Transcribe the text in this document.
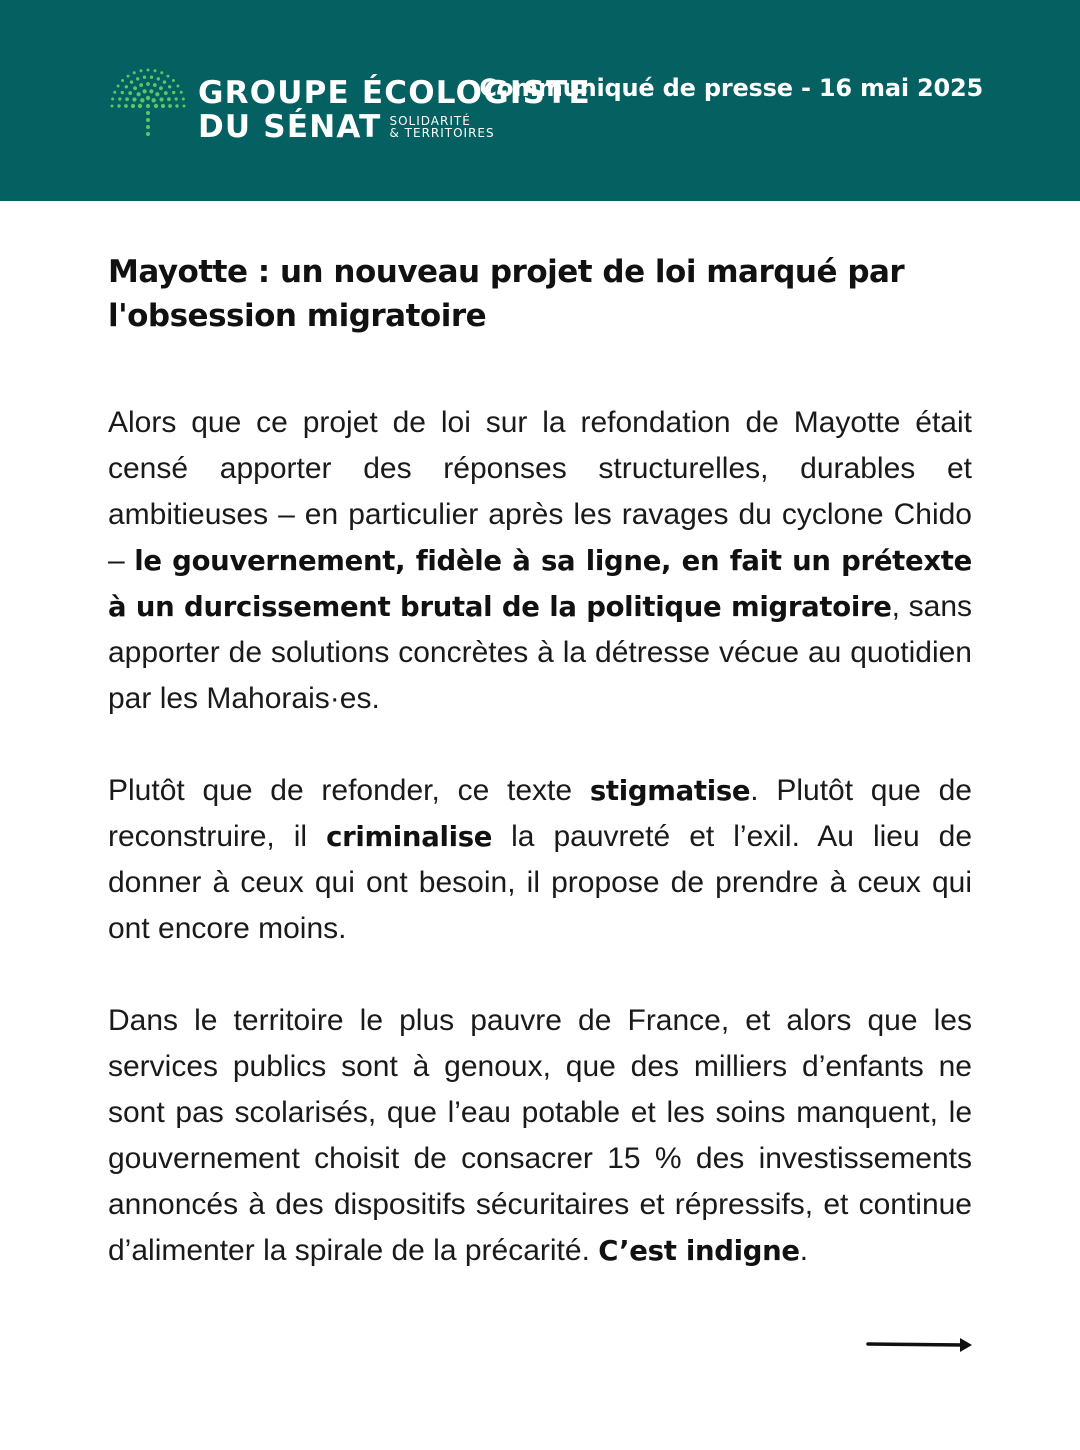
GROUPE ÉCOLOGISTE
DU SÉNAT SOLIDARITÉ
& TERRITOIRES
Communiqué de presse - 16 mai 2025
Mayotte : un nouveau projet de loi marqué par l'obsession migratoire

Alors que ce projet de loi sur la refondation de Mayotte était censé apporter des réponses structurelles, durables et ambitieuses – en particulier après les ravages du cyclone Chido – le gouvernement, fidèle à sa ligne, en fait un prétexte à un durcissement brutal de la politique migratoire, sans apporter de solutions concrètes à la détresse vécue au quotidien par les Mahorais·es.

Plutôt que de refonder, ce texte stigmatise. Plutôt que de reconstruire, il criminalise la pauvreté et l’exil. Au lieu de donner à ceux qui ont besoin, il propose de prendre à ceux qui ont encore moins.

Dans le territoire le plus pauvre de France, et alors que les services publics sont à genoux, que des milliers d’enfants ne sont pas scolarisés, que l’eau potable et les soins manquent, le gouvernement choisit de consacrer 15 % des investissements annoncés à des dispositifs sécuritaires et répressifs, et continue d’alimenter la spirale de la précarité. C’est indigne.
